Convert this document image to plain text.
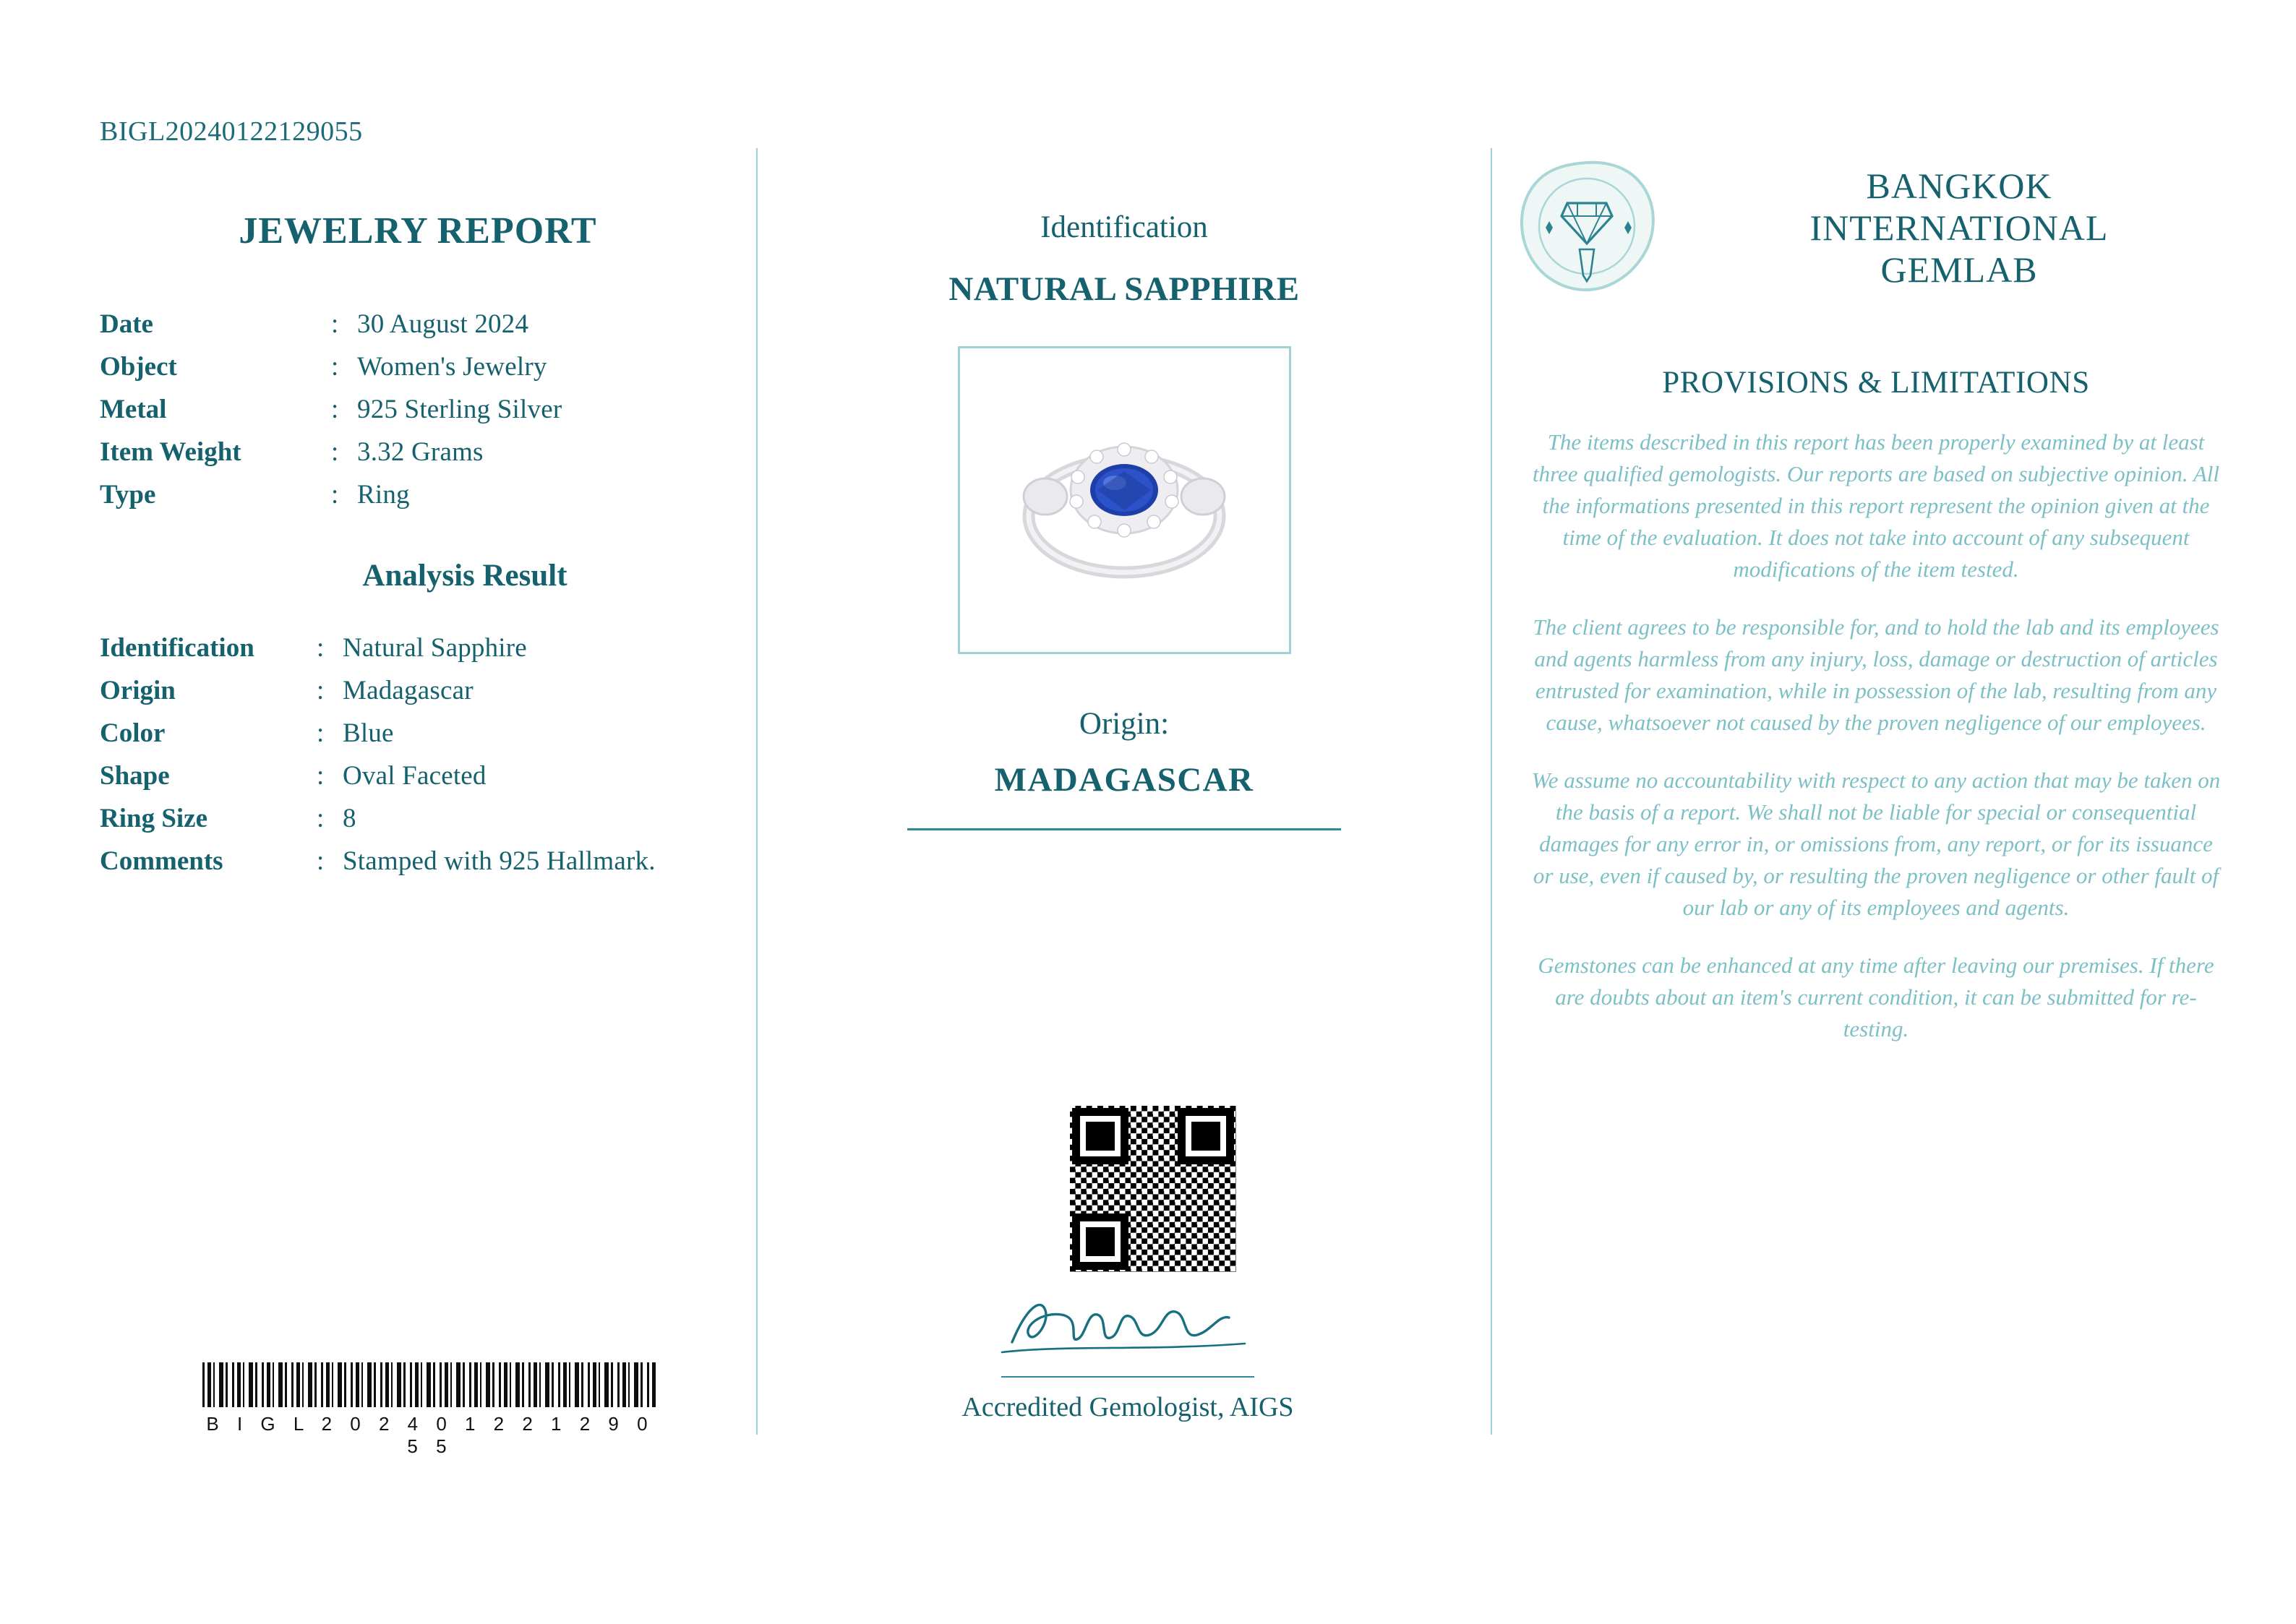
BIGL20240122129055
JEWELRY REPORT
Date	:	30 August 2024
Object	:	Women's Jewelry
Metal	:	925 Sterling Silver
Item Weight	:	3.32 Grams
Type	:	Ring
Analysis Result
Identification	:	Natural Sapphire
Origin	:	Madagascar
Color	:	Blue
Shape	:	Oval Faceted
Ring Size	:	8
Comments	:	Stamped with 925 Hallmark.
B I G L 2 0 2 4 0 1 2 2 1 2 9 0 5 5
Identification
NATURAL SAPPHIRE
Origin:
MADAGASCAR
Accredited Gemologist, AIGS
BANGKOK
INTERNATIONAL
GEMLAB
PROVISIONS & LIMITATIONS
The items described in this report has been properly examined by at least three qualified gemologists. Our reports are based on subjective opinion. All the informations presented in this report represent the opinion given at the time of the evaluation. It does not take into account of any subsequent modifications of the item tested.
The client agrees to be responsible for, and to hold the lab and its employees and agents harmless from any injury, loss, damage or destruction of articles entrusted for examination, while in possession of the lab, resulting from any cause, whatsoever not caused by the proven negligence of our employees.
We assume no accountability with respect to any action that may be taken on the basis of a report. We shall not be liable for special or consequential damages for any error in, or omissions from, any report, or for its issuance or use, even if caused by, or resulting the proven negligence or other fault of our lab or any of its employees and agents.
Gemstones can be enhanced at any time after leaving our premises. If there are doubts about an item's current condition, it can be submitted for re-testing.
